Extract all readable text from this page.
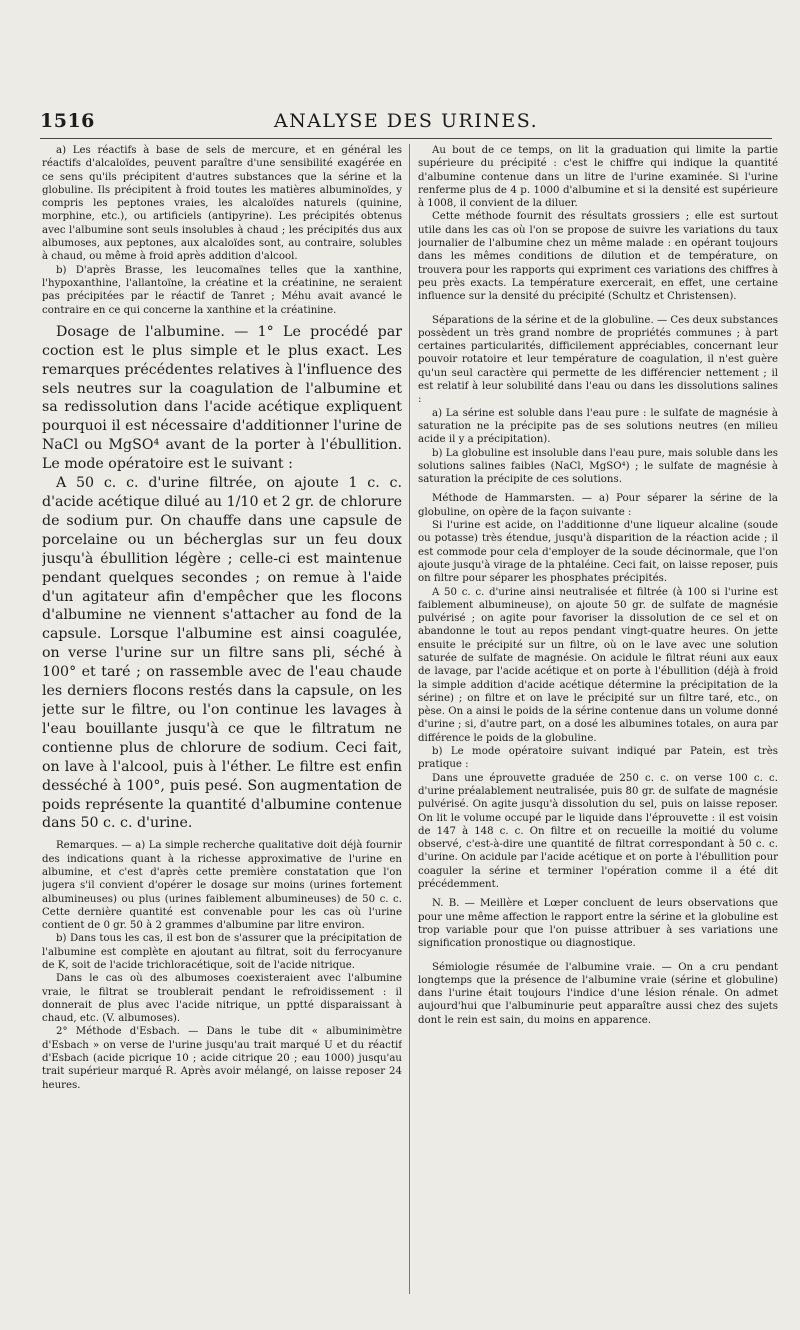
1516	ANALYSE DES URINES.

a) Les réactifs à base de sels de mercure, et en général les réactifs d'alcaloïdes, peuvent paraître d'une sensibilité exagérée en ce sens qu'ils précipitent d'autres substances que la sérine et la globuline. Ils précipitent à froid toutes les matières albuminoïdes, y compris les peptones vraies, les alcaloïdes naturels (quinine, morphine, etc.), ou artificiels (antipyrine). Les précipités obtenus avec l'albumine sont seuls insolubles à chaud ; les précipités dus aux albumoses, aux peptones, aux alcaloïdes sont, au contraire, solubles à chaud, ou même à froid après addition d'alcool.

b) D'après Brasse, les leucomaïnes telles que la xanthine, l'hypoxanthine, l'allantoïne, la créatine et la créatinine, ne seraient pas précipitées par le réactif de Tanret ; Méhu avait avancé le contraire en ce qui concerne la xanthine et la créatinine.

Dosage de l'albumine. — 1° Le procédé par coction est le plus simple et le plus exact. Les remarques précédentes relatives à l'influence des sels neutres sur la coagulation de l'albumine et sa redissolution dans l'acide acétique expliquent pourquoi il est nécessaire d'additionner l'urine de NaCl ou MgSO⁴ avant de la porter à l'ébullition. Le mode opératoire est le suivant :

A 50 c. c. d'urine filtrée, on ajoute 1 c. c. d'acide acétique dilué au 1/10 et 2 gr. de chlorure de sodium pur. On chauffe dans une capsule de porcelaine ou un bécherglas sur un feu doux jusqu'à ébullition légère ; celle-ci est maintenue pendant quelques secondes ; on remue à l'aide d'un agitateur afin d'empêcher que les flocons d'albumine ne viennent s'attacher au fond de la capsule. Lorsque l'albumine est ainsi coagulée, on verse l'urine sur un filtre sans pli, séché à 100° et taré ; on rassemble avec de l'eau chaude les derniers flocons restés dans la capsule, on les jette sur le filtre, ou l'on continue les lavages à l'eau bouillante jusqu'à ce que le filtratum ne contienne plus de chlorure de sodium. Ceci fait, on lave à l'alcool, puis à l'éther. Le filtre est enfin desséché à 100°, puis pesé. Son augmentation de poids représente la quantité d'albumine contenue dans 50 c. c. d'urine.

Remarques. — a) La simple recherche qualitative doit déjà fournir des indications quant à la richesse approximative de l'urine en albumine, et c'est d'après cette première constatation que l'on jugera s'il convient d'opérer le dosage sur moins (urines fortement albumineuses) ou plus (urines faiblement albumineuses) de 50 c. c. Cette dernière quantité est convenable pour les cas où l'urine contient de 0 gr. 50 à 2 grammes d'albumine par litre environ.

b) Dans tous les cas, il est bon de s'assurer que la précipitation de l'albumine est complète en ajoutant au filtrat, soit du ferrocyanure de K, soit de l'acide trichloracétique, soit de l'acide nitrique.

Dans le cas où des albumoses coexisteraient avec l'albumine vraie, le filtrat se troublerait pendant le refroidissement : il donnerait de plus avec l'acide nitrique, un pptté disparaissant à chaud, etc. (V. albumoses).

2° Méthode d'Esbach. — Dans le tube dit « albuminimètre d'Esbach » on verse de l'urine jusqu'au trait marqué U et du réactif d'Esbach (acide picrique 10 ; acide citrique 20 ; eau 1000) jusqu'au trait supérieur marqué R. Après avoir mélangé, on laisse reposer 24 heures.

Au bout de ce temps, on lit la graduation qui limite la partie supérieure du précipité : c'est le chiffre qui indique la quantité d'albumine contenue dans un litre de l'urine examinée. Si l'urine renferme plus de 4 p. 1000 d'albumine et si la densité est supérieure à 1008, il convient de la diluer.

Cette méthode fournit des résultats grossiers ; elle est surtout utile dans les cas où l'on se propose de suivre les variations du taux journalier de l'albumine chez un même malade : en opérant toujours dans les mêmes conditions de dilution et de température, on trouvera pour les rapports qui expriment ces variations des chiffres à peu près exacts. La température exercerait, en effet, une certaine influence sur la densité du précipité (Schultz et Christensen).

Séparations de la sérine et de la globuline. — Ces deux substances possèdent un très grand nombre de propriétés communes ; à part certaines particularités, difficilement appréciables, concernant leur pouvoir rotatoire et leur température de coagulation, il n'est guère qu'un seul caractère qui permette de les différencier nettement ; il est relatif à leur solubilité dans l'eau ou dans les dissolutions salines :

a) La sérine est soluble dans l'eau pure : le sulfate de magnésie à saturation ne la précipite pas de ses solutions neutres (en milieu acide il y a précipitation).

b) La globuline est insoluble dans l'eau pure, mais soluble dans les solutions salines faibles (NaCl, MgSO⁴) ; le sulfate de magnésie à saturation la précipite de ces solutions.

Méthode de Hammarsten. — a) Pour séparer la sérine de la globuline, on opère de la façon suivante :

Si l'urine est acide, on l'additionne d'une liqueur alcaline (soude ou potasse) très étendue, jusqu'à disparition de la réaction acide ; il est commode pour cela d'employer de la soude décinormale, que l'on ajoute jusqu'à virage de la phtaléine. Ceci fait, on laisse reposer, puis on filtre pour séparer les phosphates précipités.

A 50 c. c. d'urine ainsi neutralisée et filtrée (à 100 si l'urine est faiblement albumineuse), on ajoute 50 gr. de sulfate de magnésie pulvérisé ; on agite pour favoriser la dissolution de ce sel et on abandonne le tout au repos pendant vingt-quatre heures. On jette ensuite le précipité sur un filtre, où on le lave avec une solution saturée de sulfate de magnésie. On acidule le filtrat réuni aux eaux de lavage, par l'acide acétique et on porte à l'ébullition (déjà à froid la simple addition d'acide acétique détermine la précipitation de la sérine) ; on filtre et on lave le précipité sur un filtre taré, etc., on pèse. On a ainsi le poids de la sérine contenue dans un volume donné d'urine ; si, d'autre part, on a dosé les albumines totales, on aura par différence le poids de la globuline.

b) Le mode opératoire suivant indiqué par Patein, est très pratique :

Dans une éprouvette graduée de 250 c. c. on verse 100 c. c. d'urine préalablement neutralisée, puis 80 gr. de sulfate de magnésie pulvérisé. On agite jusqu'à dissolution du sel, puis on laisse reposer. On lit le volume occupé par le liquide dans l'éprouvette : il est voisin de 147 à 148 c. c. On filtre et on recueille la moitié du volume observé, c'est-à-dire une quantité de filtrat correspondant à 50 c. c. d'urine. On acidule par l'acide acétique et on porte à l'ébullition pour coaguler la sérine et terminer l'opération comme il a été dit précédemment.

N. B. — Meillère et Lœper concluent de leurs observations que pour une même affection le rapport entre la sérine et la globuline est trop variable pour que l'on puisse attribuer à ses variations une signification pronostique ou diagnostique.

Sémiologie résumée de l'albumine vraie. — On a cru pendant longtemps que la présence de l'albumine vraie (sérine et globuline) dans l'urine était toujours l'indice d'une lésion rénale. On admet aujourd'hui que l'albuminurie peut apparaître aussi chez des sujets dont le rein est sain, du moins en apparence.
